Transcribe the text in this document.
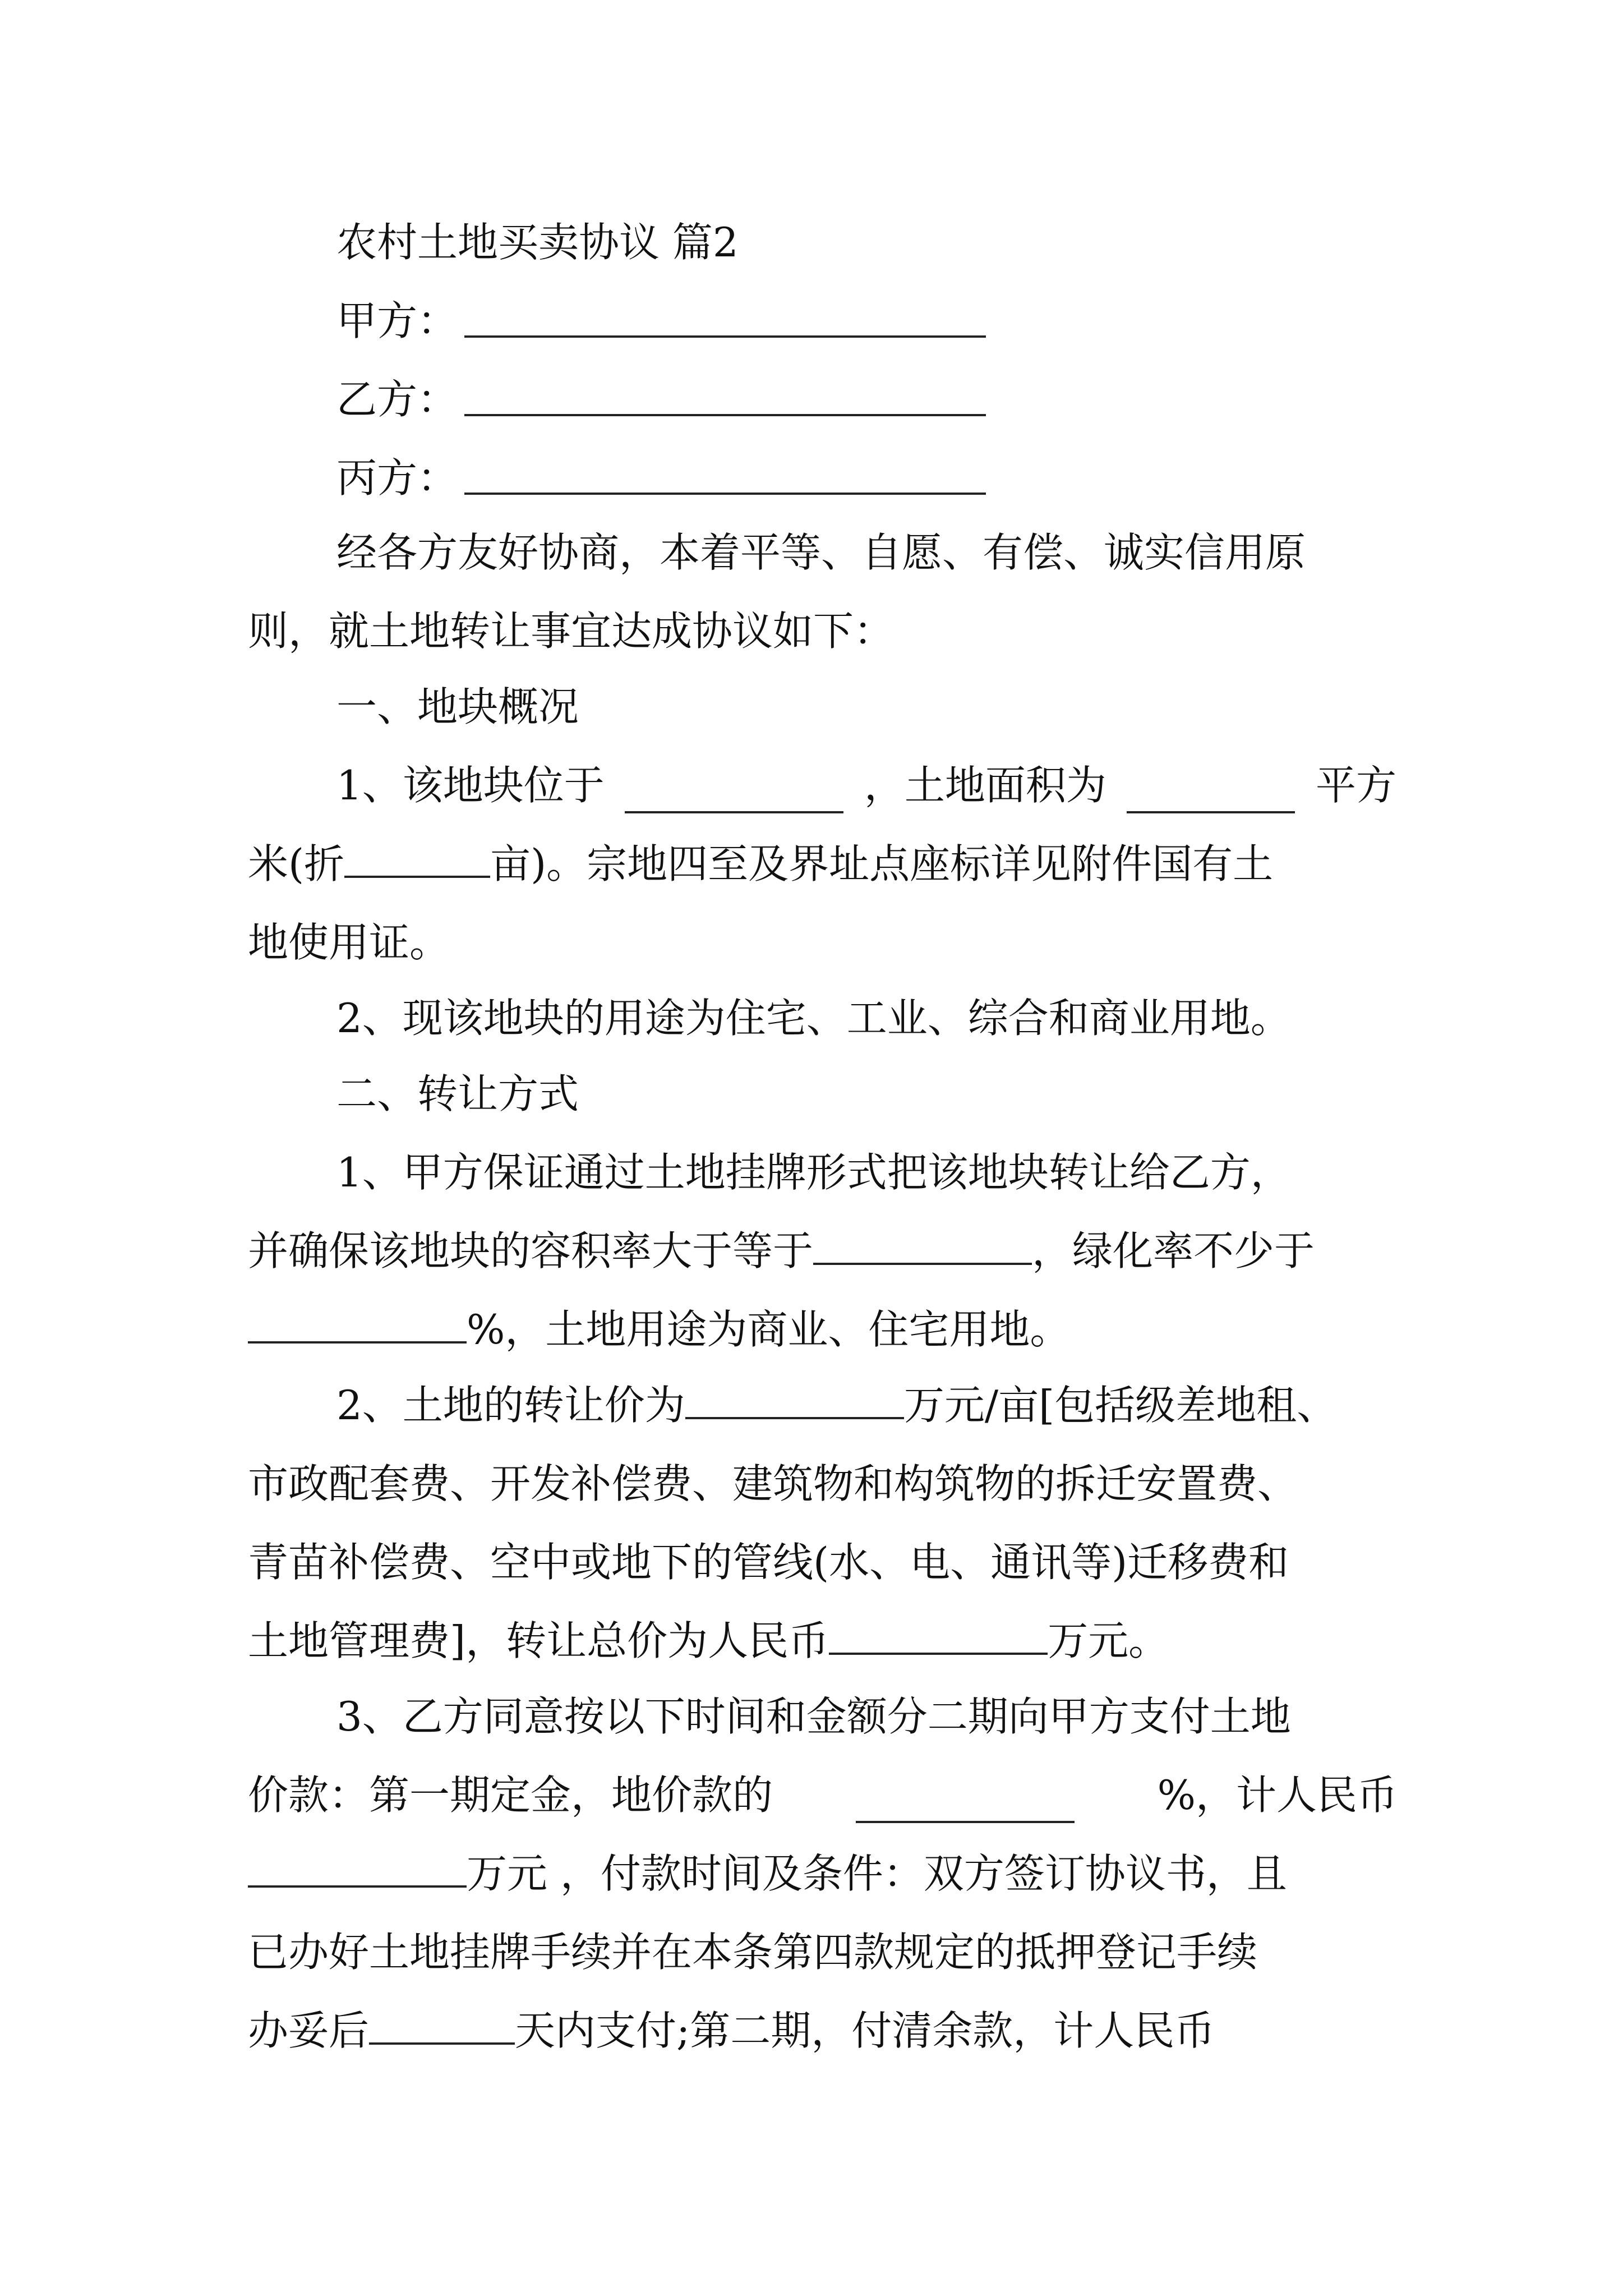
农村土地买卖协议 篇2
甲方：
乙方：
丙方：
经各方友好协商，本着平等、自愿、有偿、诚实信用原
则，就土地转让事宜达成协议如下：
一、地块概况
1、该地块位于	，土地面积为	平方
米(折	亩)。宗地四至及界址点座标详见附件国有土
地使用证。
2、现该地块的用途为住宅、工业、综合和商业用地。
二、转让方式
1、甲方保证通过土地挂牌形式把该地块转让给乙方，
并确保该地块的容积率大于等于	，绿化率不少于
%，土地用途为商业、住宅用地。
2、土地的转让价为	万元/亩[包括级差地租、
市政配套费、开发补偿费、建筑物和构筑物的拆迁安置费、
青苗补偿费、空中或地下的管线(水、电、通讯等)迁移费和
土地管理费]，转让总价为人民币	万元。
3、乙方同意按以下时间和金额分二期向甲方支付土地
价款：第一期定金，地价款的	%，计人民币
万元 ，付款时间及条件：双方签订协议书，且
已办好土地挂牌手续并在本条第四款规定的抵押登记手续
办妥后	天内支付;第二期，付清余款，计人民币
